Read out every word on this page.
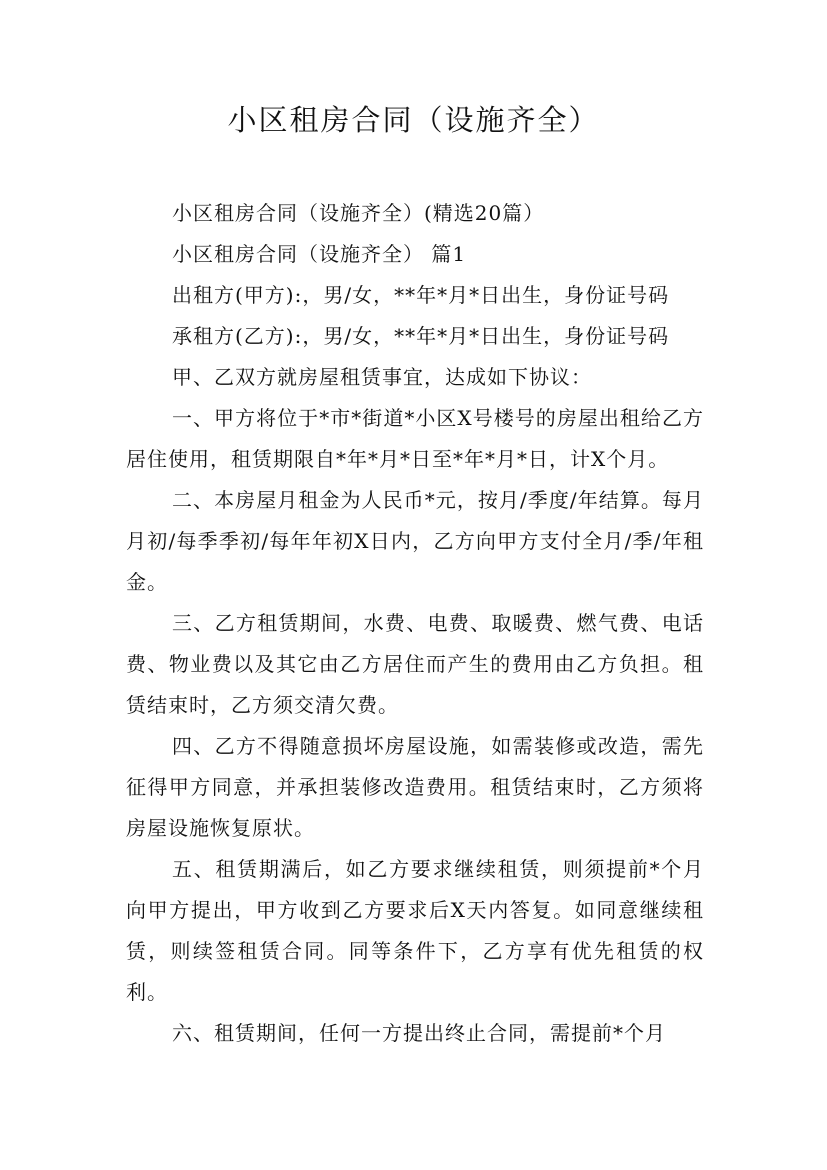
小区租房合同（设施齐全）

小区租房合同（设施齐全）(精选20篇）

小区租房合同（设施齐全） 篇1

出租方(甲方):，男/女，**年*月*日出生，身份证号码

承租方(乙方):，男/女，**年*月*日出生，身份证号码

甲、乙双方就房屋租赁事宜，达成如下协议：

一、甲方将位于*市*街道*小区X号楼号的房屋出租给乙方居住使用，租赁期限自*年*月*日至*年*月*日，计X个月。

二、本房屋月租金为人民币*元，按月/季度/年结算。每月月初/每季季初/每年年初X日内，乙方向甲方支付全月/季/年租金。

三、乙方租赁期间，水费、电费、取暖费、燃气费、电话费、物业费以及其它由乙方居住而产生的费用由乙方负担。租赁结束时，乙方须交清欠费。

四、乙方不得随意损坏房屋设施，如需装修或改造，需先征得甲方同意，并承担装修改造费用。租赁结束时，乙方须将房屋设施恢复原状。

五、租赁期满后，如乙方要求继续租赁，则须提前*个月向甲方提出，甲方收到乙方要求后X天内答复。如同意继续租赁，则续签租赁合同。同等条件下，乙方享有优先租赁的权利。

六、租赁期间，任何一方提出终止合同，需提前*个月
